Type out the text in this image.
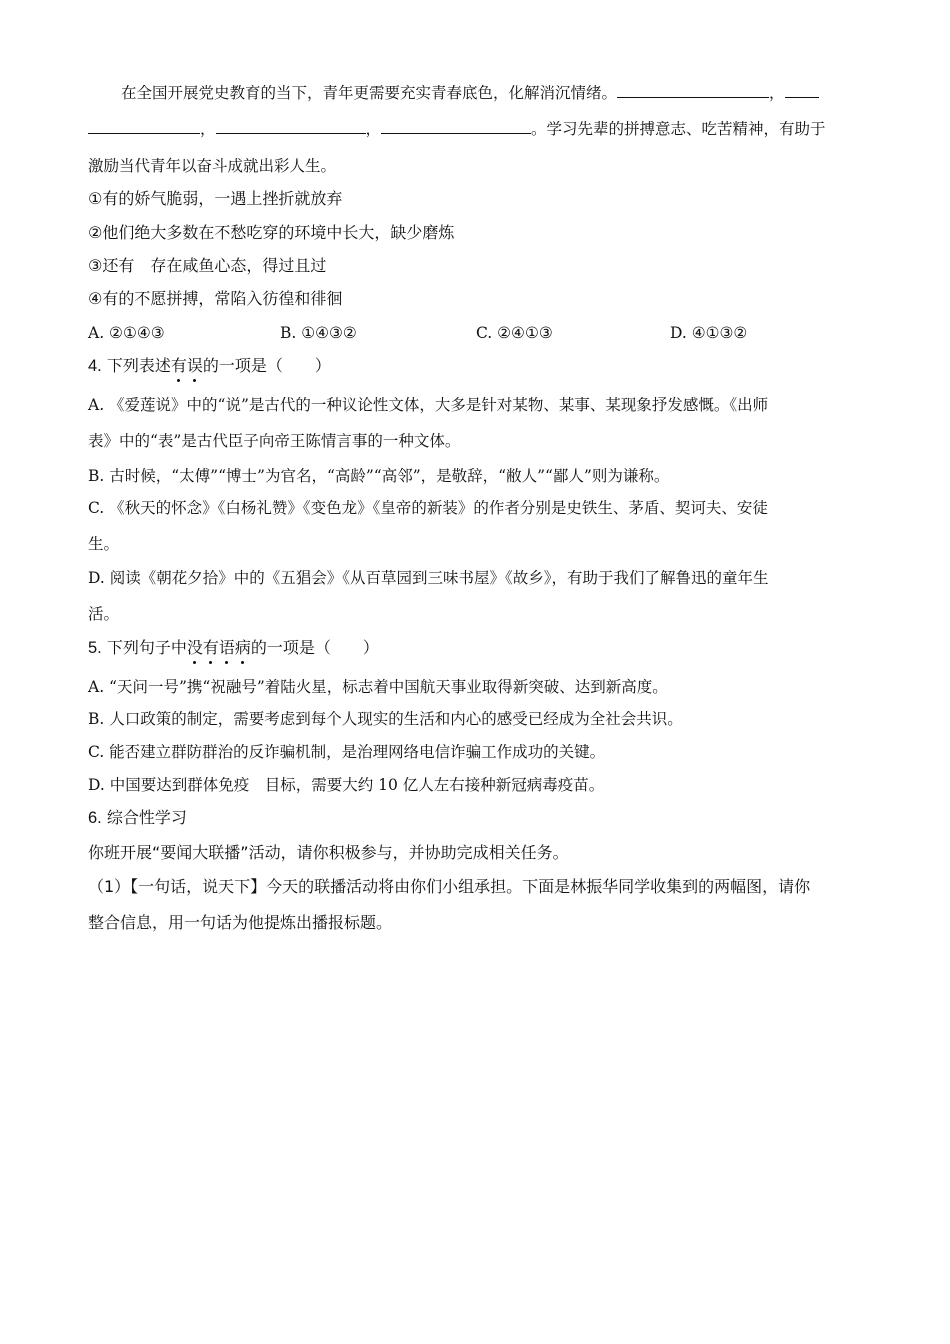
在全国开展党史教育的当下，青年更需要充实青春底色，化解消沉情绪。	，
，	，	。学习先辈的拼搏意志、吃苦精神，有助于
激励当代青年以奋斗成就出彩人生。
①有的娇气脆弱，一遇上挫折就放弃
②他们绝大多数在不愁吃穿的环境中长大，缺少磨炼
③还有　存在咸鱼心态，得过且过
④有的不愿拼搏，常陷入彷徨和徘徊
A. ②①④③	B. ①④③②	C. ②④①③	D. ④①③②
4. 下列表述有误的一项是（　　）
A. 《爱莲说》中的“说”是古代的一种议论性文体，大多是针对某物、某事、某现象抒发感慨。《出师
表》中的“表”是古代臣子向帝王陈情言事的一种文体。
B. 古时候，“太傅”“博士”为官名，“高龄”“高邻”，是敬辞，“敝人”“鄙人”则为谦称。
C. 《秋天的怀念》《白杨礼赞》《变色龙》《皇帝的新装》的作者分别是史铁生、茅盾、契诃夫、安徒
生。
D. 阅读《朝花夕拾》中的《五猖会》《从百草园到三味书屋》《故乡》，有助于我们了解鲁迅的童年生
活。
5. 下列句子中没有语病的一项是（　　）
A. “天问一号”携“祝融号”着陆火星，标志着中国航天事业取得新突破、达到新高度。
B. 人口政策的制定，需要考虑到每个人现实的生活和内心的感受已经成为全社会共识。
C. 能否建立群防群治的反诈骗机制，是治理网络电信诈骗工作成功的关键。
D. 中国要达到群体免疫　目标，需要大约 10 亿人左右接种新冠病毒疫苗。
6. 综合性学习
你班开展“要闻大联播”活动，请你积极参与，并协助完成相关任务。
（1）【一句话，说天下】今天的联播活动将由你们小组承担。下面是林振华同学收集到的两幅图，请你
整合信息，用一句话为他提炼出播报标题。
